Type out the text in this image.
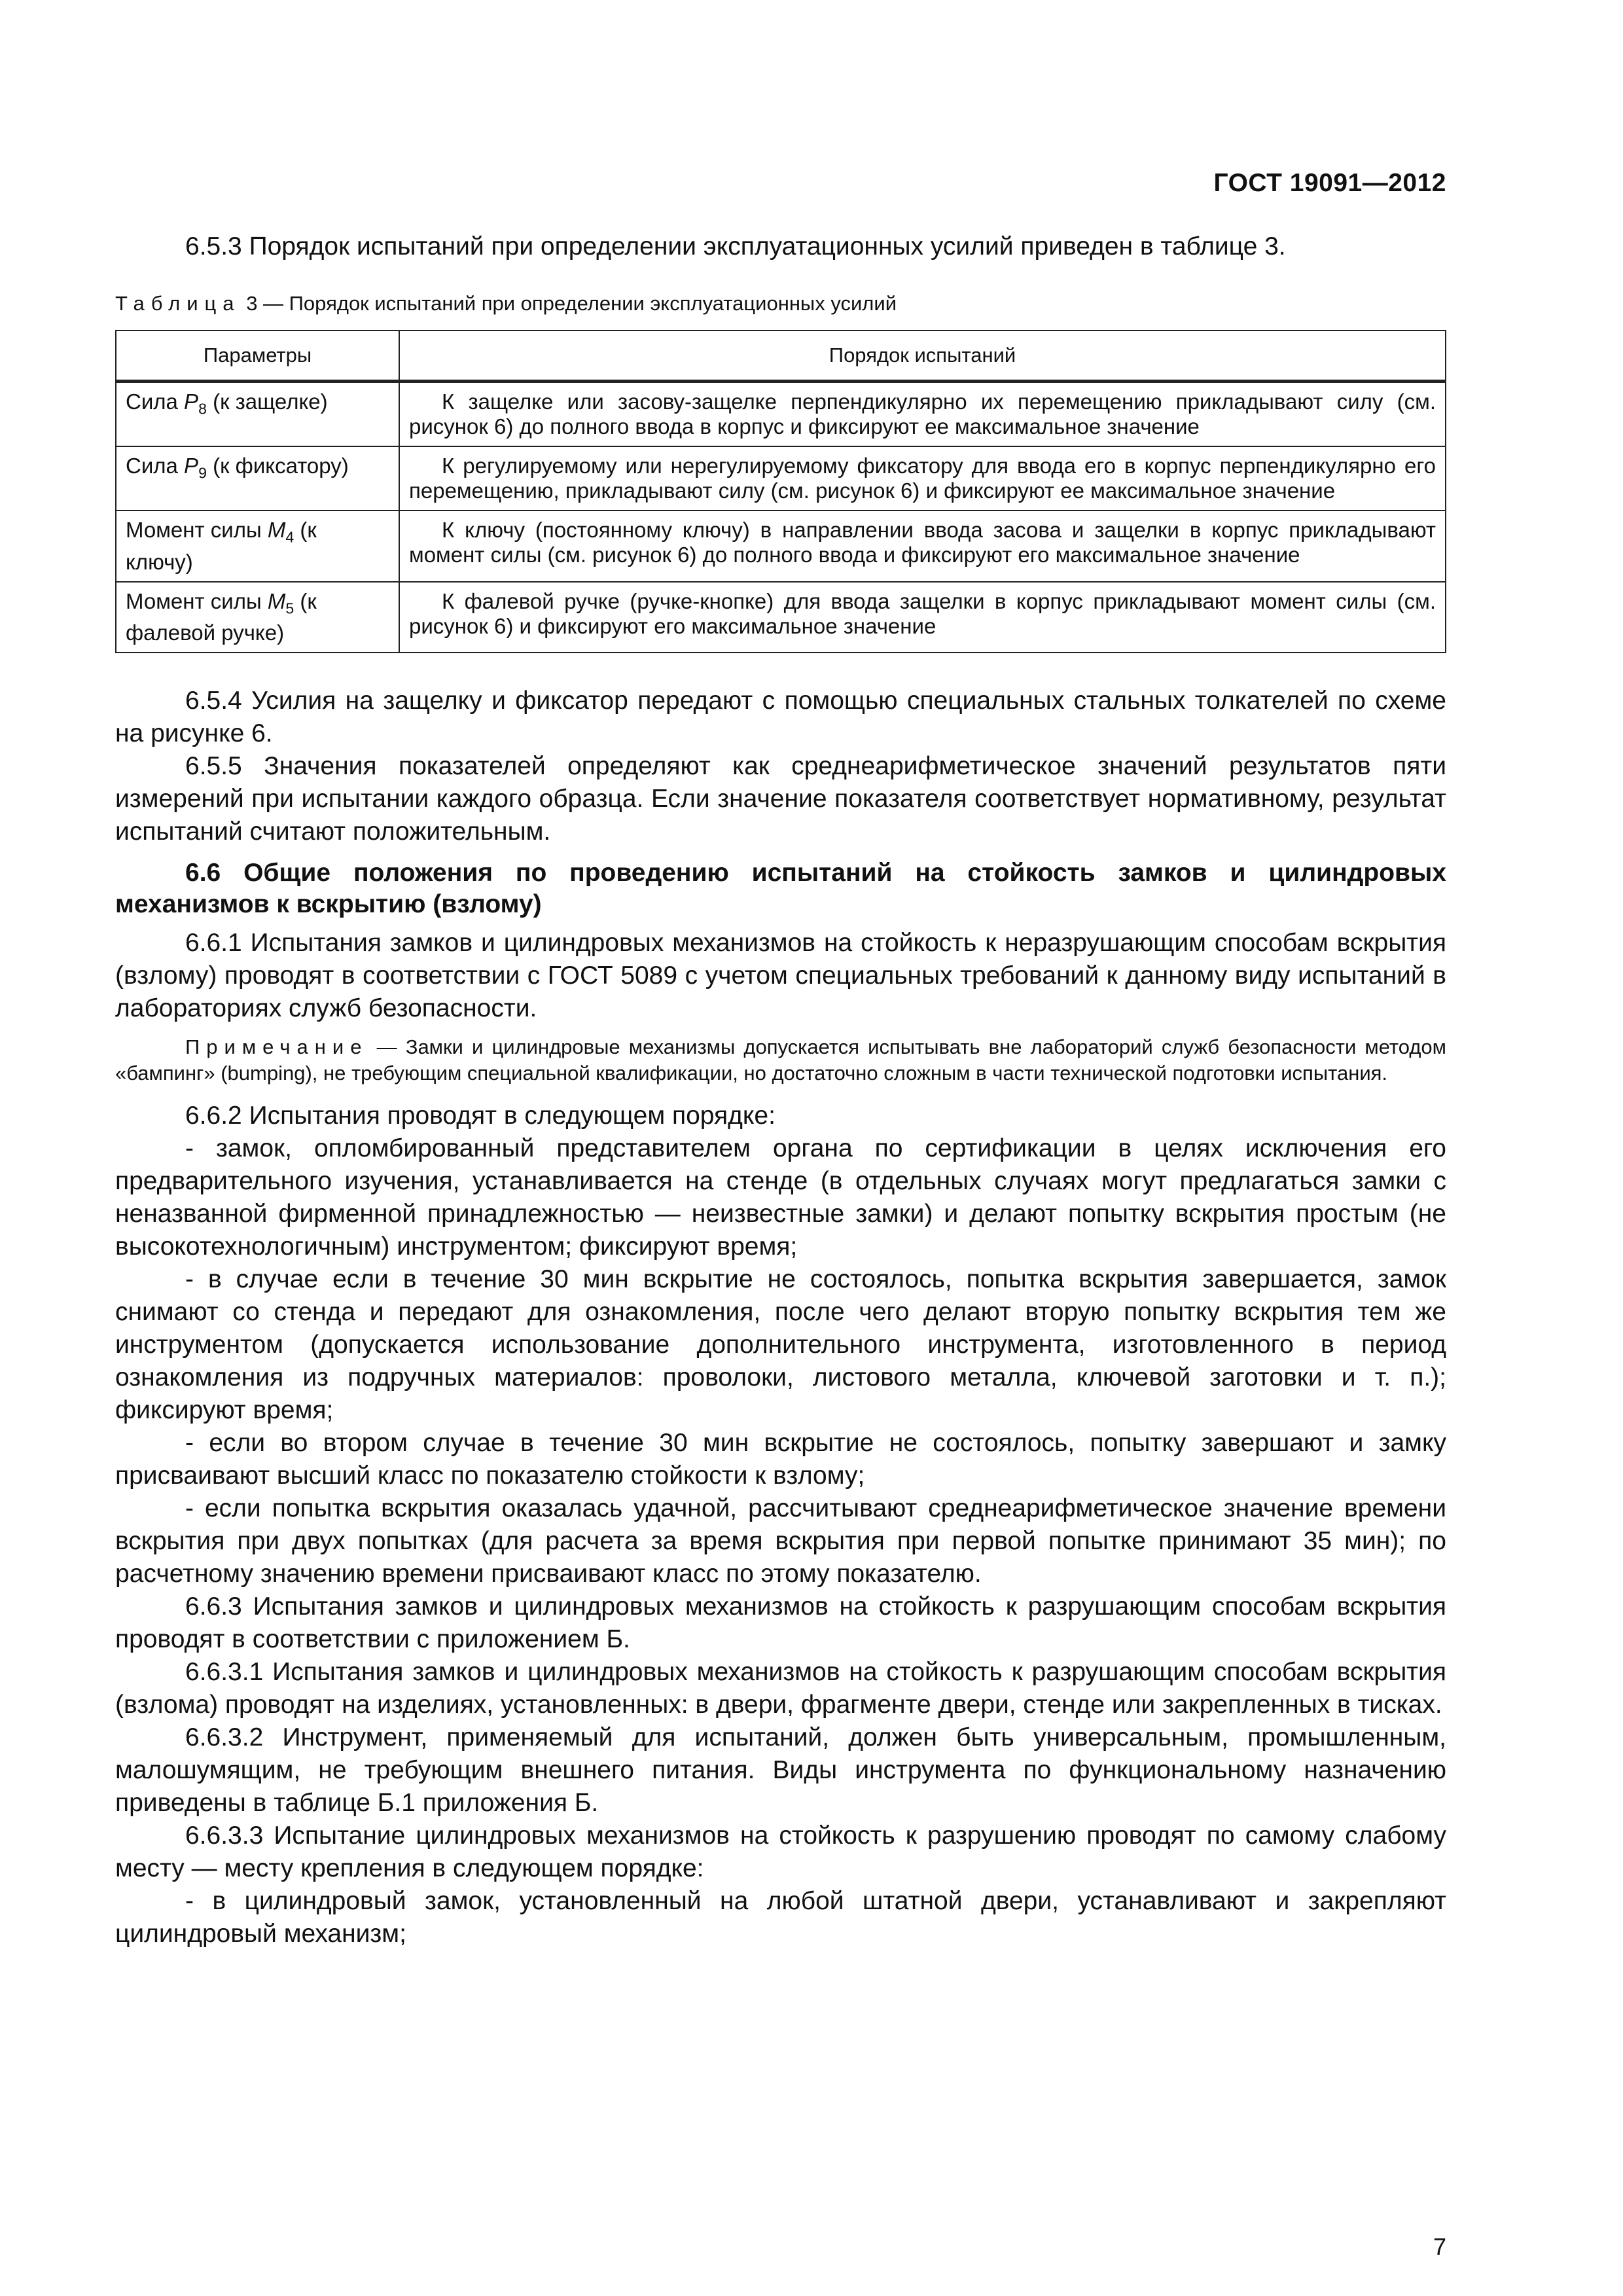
ГОСТ 19091—2012

6.5.3 Порядок испытаний при определении эксплуатационных усилий приведен в таблице 3.

Таблица 3 — Порядок испытаний при определении эксплуатационных усилий
Параметры	Порядок испытаний
Сила $P_8$ (к защелке)	К защелке или засову-защелке перпендикулярно их перемещению прикладывают силу (см. рисунок 6) до полного ввода в корпус и фиксируют ее максимальное значение
Сила $P_9$ (к фиксатору)	К регулируемому или нерегулируемому фиксатору для ввода его в корпус перпендикулярно его перемещению, прикладывают силу (см. рисунок 6) и фиксируют ее максимальное значение
Момент силы $M_4$ (к ключу)	К ключу (постоянному ключу) в направлении ввода засова и защелки в корпус прикладывают момент силы (см. рисунок 6) до полного ввода и фиксируют его максимальное значение
Момент силы $M_5$ (к фалевой ручке)	К фалевой ручке (ручке-кнопке) для ввода защелки в корпус прикладывают момент силы (см. рисунок 6) и фиксируют его максимальное значение

6.5.4 Усилия на защелку и фиксатор передают с помощью специальных стальных толкателей по схеме на рисунке 6.

6.5.5 Значения показателей определяют как среднеарифметическое значений результатов пяти измерений при испытании каждого образца. Если значение показателя соответствует нормативному, результат испытаний считают положительным.

6.6 Общие положения по проведению испытаний на стойкость замков и цилиндровых механизмов к вскрытию (взлому)

6.6.1 Испытания замков и цилиндровых механизмов на стойкость к неразрушающим способам вскрытия (взлому) проводят в соответствии с ГОСТ 5089 с учетом специальных требований к данному виду испытаний в лабораториях служб безопасности.

Примечание — Замки и цилиндровые механизмы допускается испытывать вне лабораторий служб безопасности методом «бампинг» (bumping), не требующим специальной квалификации, но достаточно сложным в части технической подготовки испытания.

6.6.2 Испытания проводят в следующем порядке:

- замок, опломбированный представителем органа по сертификации в целях исключения его предварительного изучения, устанавливается на стенде (в отдельных случаях могут предлагаться замки с неназванной фирменной принадлежностью — неизвестные замки) и делают попытку вскрытия простым (не высокотехнологичным) инструментом; фиксируют время;

- в случае если в течение 30 мин вскрытие не состоялось, попытка вскрытия завершается, замок снимают со стенда и передают для ознакомления, после чего делают вторую попытку вскрытия тем же инструментом (допускается использование дополнительного инструмента, изготовленного в период ознакомления из подручных материалов: проволоки, листового металла, ключевой заготовки и т. п.); фиксируют время;

- если во втором случае в течение 30 мин вскрытие не состоялось, попытку завершают и замку присваивают высший класс по показателю стойкости к взлому;

- если попытка вскрытия оказалась удачной, рассчитывают среднеарифметическое значение времени вскрытия при двух попытках (для расчета за время вскрытия при первой попытке принимают 35 мин); по расчетному значению времени присваивают класс по этому показателю.

6.6.3 Испытания замков и цилиндровых механизмов на стойкость к разрушающим способам вскрытия проводят в соответствии с приложением Б.

6.6.3.1 Испытания замков и цилиндровых механизмов на стойкость к разрушающим способам вскрытия (взлома) проводят на изделиях, установленных: в двери, фрагменте двери, стенде или закрепленных в тисках.

6.6.3.2 Инструмент, применяемый для испытаний, должен быть универсальным, промышленным, малошумящим, не требующим внешнего питания. Виды инструмента по функциональному назначению приведены в таблице Б.1 приложения Б.

6.6.3.3 Испытание цилиндровых механизмов на стойкость к разрушению проводят по самому слабому месту — месту крепления в следующем порядке:

- в цилиндровый замок, установленный на любой штатной двери, устанавливают и закрепляют цилиндровый механизм;

7
